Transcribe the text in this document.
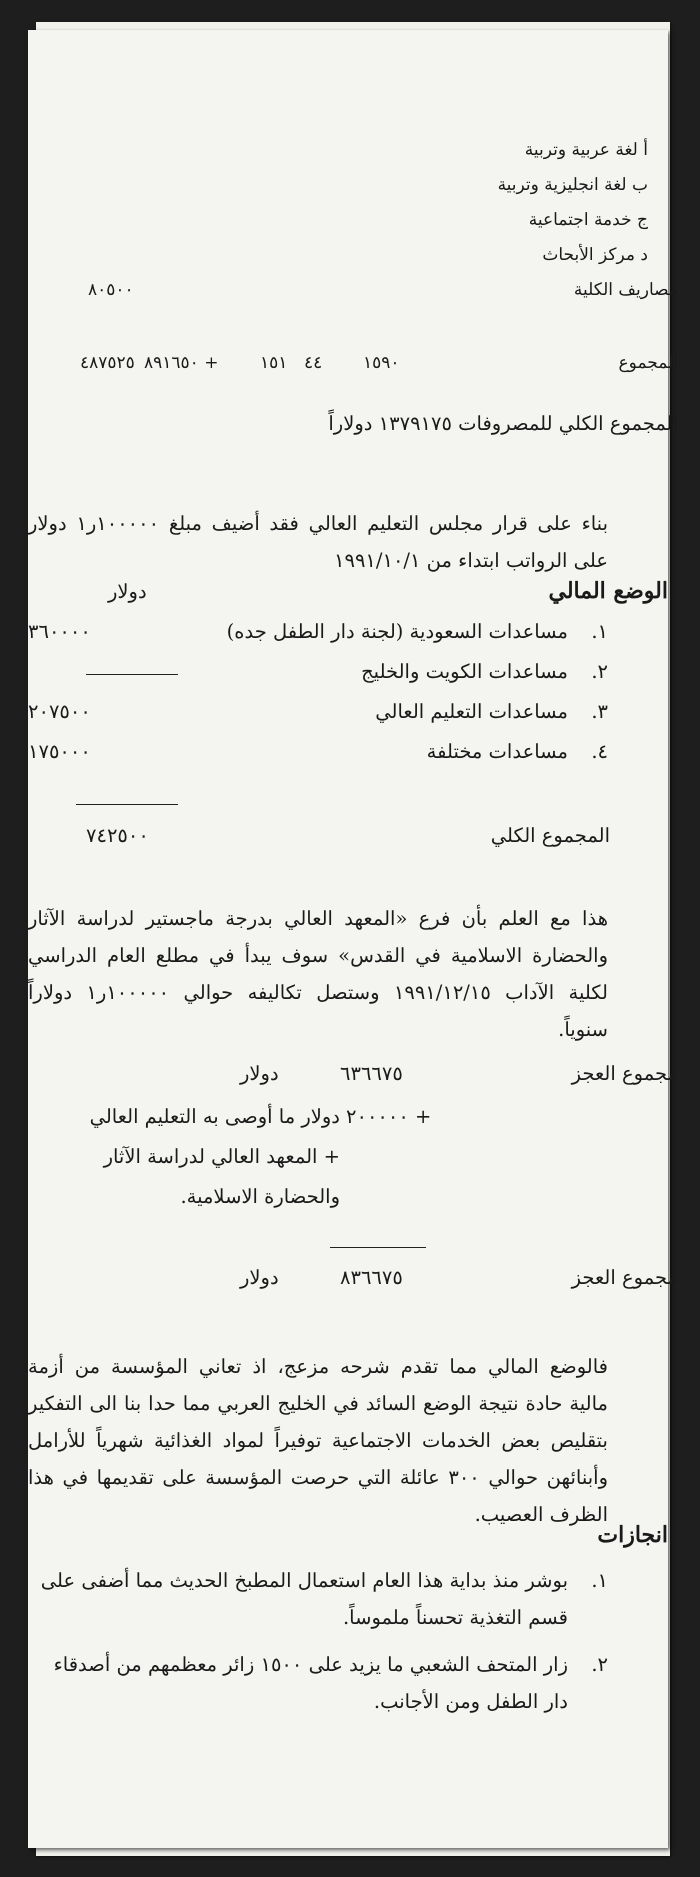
أ لغة عربية وتربية
ب لغة انجليزية وتربية
ج خدمة اجتماعية
د مركز الأبحاث
مصاريف الكلية
٨٠٥٠٠
المجموع
١٥٩٠
٤٤
١٥١
٨٩١٦٥٠ +
٤٨٧٥٢٥
المجموع الكلي للمصروفات ١٣٧٩١٧٥ دولاراً
بناء على قرار مجلس التعليم العالي فقد أضيف مبلغ ١٠٠٠٠٠ر١ دولار
على الرواتب ابتداء من ١٩٩١/١٠/١
الوضع المالي
دولار
١.
مساعدات السعودية (لجنة دار الطفل جده)
٣٦٠٠٠٠
٢.
مساعدات الكويت والخليج
٣.
مساعدات التعليم العالي
٢٠٧٥٠٠
٤.
مساعدات مختلفة
١٧٥٠٠٠
المجموع الكلي
٧٤٢٥٠٠
هذا مع العلم بأن فرع «المعهد العالي بدرجة ماجستير لدراسة الآثار
والحضارة الاسلامية في القدس» سوف يبدأ في مطلع العام الدراسي
لكلية الآداب ١٩٩١/١٢/١٥ وستصل تكاليفه حوالي ١٠٠٠٠٠ر١ دولاراً
سنوياً.
مجموع العجز
٦٣٦٦٧٥
دولار
٢٠٠٠٠٠ +
دولار ما أوصى به التعليم العالي
+ المعهد العالي لدراسة الآثار
والحضارة الاسلامية.
مجموع العجز
٨٣٦٦٧٥
دولار
فالوضع المالي مما تقدم شرحه مزعج، اذ تعاني المؤسسة من أزمة
مالية حادة نتيجة الوضع السائد في الخليج العربي مما حدا بنا الى التفكير
بتقليص بعض الخدمات الاجتماعية توفيراً لمواد الغذائية شهرياً للأرامل
وأبنائهن حوالي ٣٠٠ عائلة التي حرصت المؤسسة على تقديمها في هذا
الظرف العصيب.
انجازات
١.
بوشر منذ بداية هذا العام استعمال المطبخ الحديث مما أضفى على
قسم التغذية تحسناً ملموساً.
٢.
زار المتحف الشعبي ما يزيد على ١٥٠٠ زائر معظمهم من أصدقاء
دار الطفل ومن الأجانب.
